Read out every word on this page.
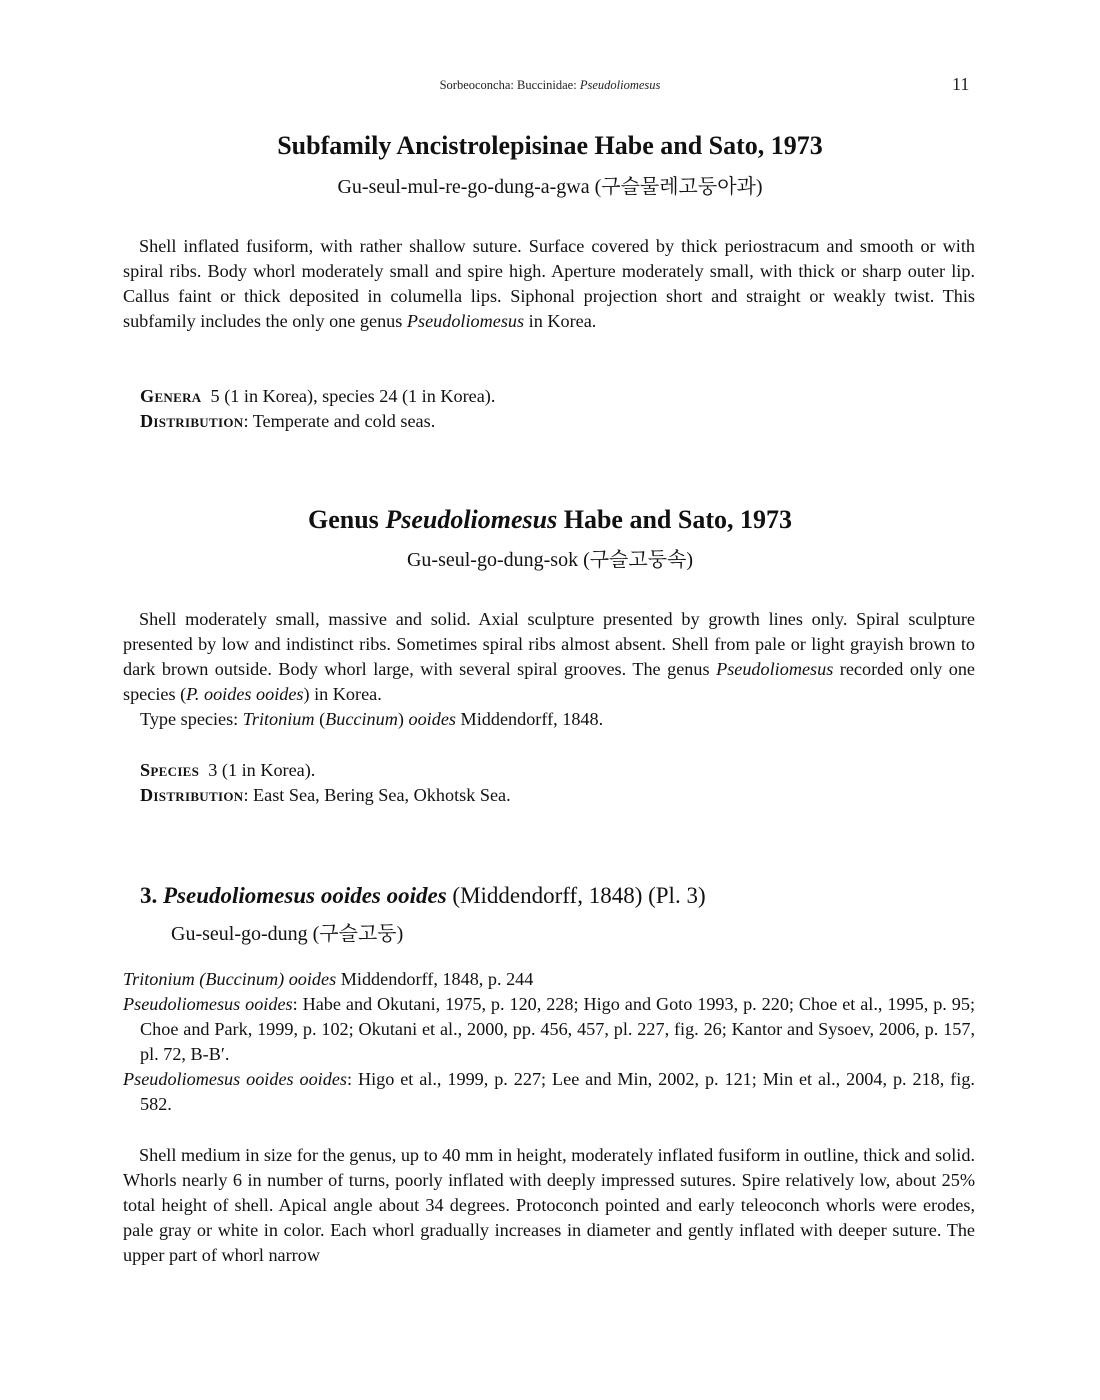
Sorbeoconcha: Buccinidae: Pseudoliomesus	11
Subfamily Ancistrolepisinae Habe and Sato, 1973
Gu-seul-mul-re-go-dung-a-gwa (구슬물레고둥아과)
Shell inflated fusiform, with rather shallow suture. Surface covered by thick periostracum and smooth or with spiral ribs. Body whorl moderately small and spire high. Aperture moderately small, with thick or sharp outer lip. Callus faint or thick deposited in columella lips. Siphonal projection short and straight or weakly twist. This subfamily includes the only one genus Pseudoliomesus in Korea.
Genera 5 (1 in Korea), species 24 (1 in Korea).
Distribution: Temperate and cold seas.
Genus Pseudoliomesus Habe and Sato, 1973
Gu-seul-go-dung-sok (구슬고둥속)
Shell moderately small, massive and solid. Axial sculpture presented by growth lines only. Spiral sculpture presented by low and indistinct ribs. Sometimes spiral ribs almost absent. Shell from pale or light grayish brown to dark brown outside. Body whorl large, with several spiral grooves. The genus Pseudoliomesus recorded only one species (P. ooides ooides) in Korea.
Type species: Tritonium (Buccinum) ooides Middendorff, 1848.
Species 3 (1 in Korea).
Distribution: East Sea, Bering Sea, Okhotsk Sea.
3. Pseudoliomesus ooides ooides (Middendorff, 1848) (Pl. 3)
Gu-seul-go-dung (구슬고둥)
Tritonium (Buccinum) ooides Middendorff, 1848, p. 244
Pseudoliomesus ooides: Habe and Okutani, 1975, p. 120, 228; Higo and Goto 1993, p. 220; Choe et al., 1995, p. 95; Choe and Park, 1999, p. 102; Okutani et al., 2000, pp. 456, 457, pl. 227, fig. 26; Kantor and Sysoev, 2006, p. 157, pl. 72, B-B′.
Pseudoliomesus ooides ooides: Higo et al., 1999, p. 227; Lee and Min, 2002, p. 121; Min et al., 2004, p. 218, fig. 582.
Shell medium in size for the genus, up to 40 mm in height, moderately inflated fusiform in outline, thick and solid. Whorls nearly 6 in number of turns, poorly inflated with deeply impressed sutures. Spire relatively low, about 25% total height of shell. Apical angle about 34 degrees. Protoconch pointed and early teleoconch whorls were erodes, pale gray or white in color. Each whorl gradually increases in diameter and gently inflated with deeper suture. The upper part of whorl narrow
